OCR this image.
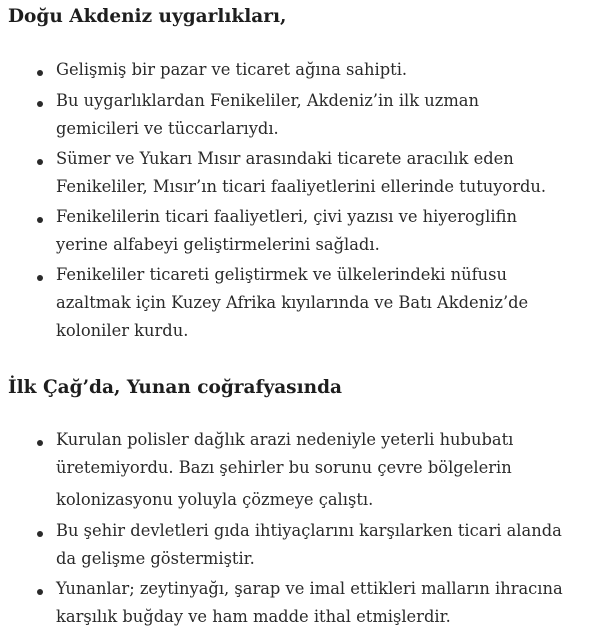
Doğu Akdeniz uygarlıkları,
Gelişmiş bir pazar ve ticaret ağına sahipti.
Bu uygarlıklardan Fenikeliler, Akdeniz’in ilk uzman
gemicileri ve tüccarlarıydı.
Sümer ve Yukarı Mısır arasındaki ticarete aracılık eden
Fenikeliler, Mısır’ın ticari faaliyetlerini ellerinde tutuyordu.
Fenikelilerin ticari faaliyetleri, çivi yazısı ve hiyeroglifin
yerine alfabeyi geliştirmelerini sağladı.
Fenikeliler ticareti geliştirmek ve ülkelerindeki nüfusu
azaltmak için Kuzey Afrika kıyılarında ve Batı Akdeniz’de
koloniler kurdu.
İlk Çağ’da, Yunan coğrafyasında
Kurulan polisler dağlık arazi nedeniyle yeterli hububatı
üretemiyordu. Bazı şehirler bu sorunu çevre bölgelerin
kolonizasyonu yoluyla çözmeye çalıştı.
Bu şehir devletleri gıda ihtiyaçlarını karşılarken ticari alanda
da gelişme göstermiştir.
Yunanlar; zeytinyağı, şarap ve imal ettikleri malların ihracına
karşılık buğday ve ham madde ithal etmişlerdir.
